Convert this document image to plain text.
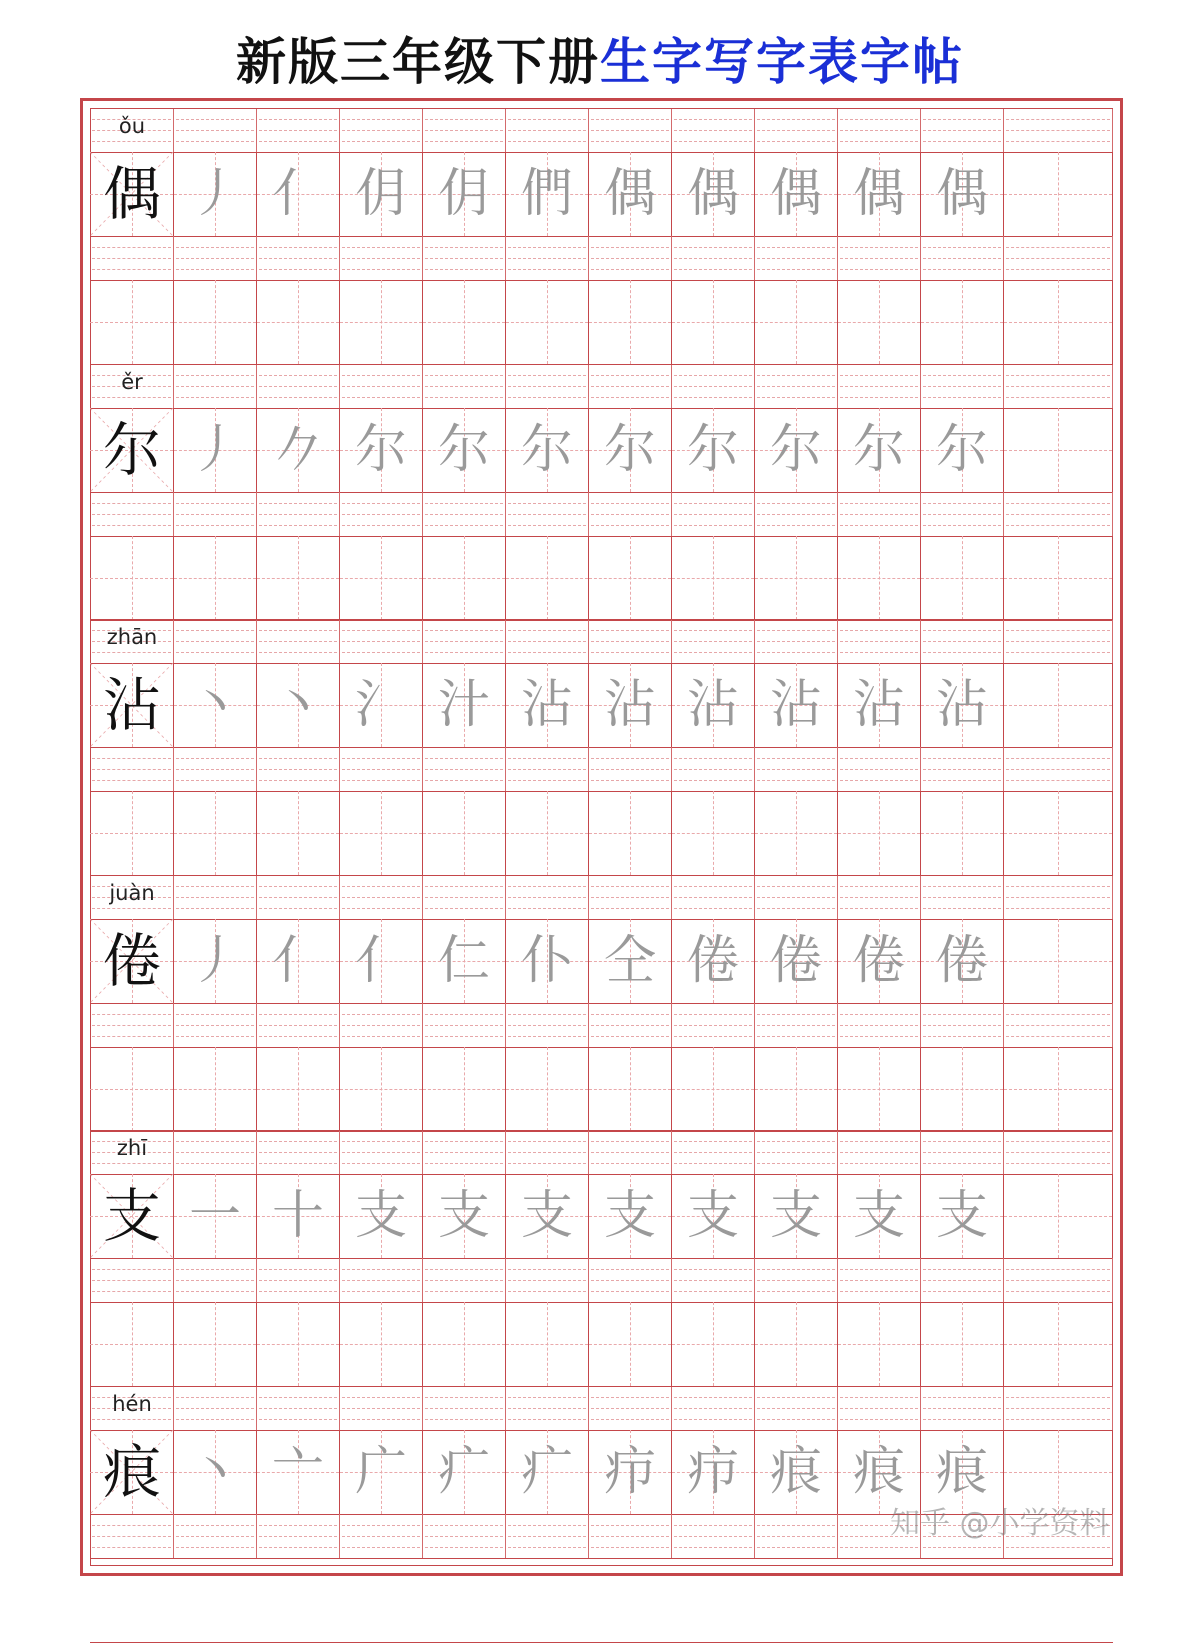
新版三年级下册生字写字表字帖
ǒu
偶 丿 亻 仴 仴 們 偶 偶 偶 偶 偶
ěr
尔 丿 𠂊 尔 尔 尔 尔 尔 尔 尔 尔
zhān
沾 丶 丶 氵 汁 沾 沾 沾 沾 沾 沾
juàn
倦 丿 亻 亻 仁 仆 仝 倦 倦 倦 倦
zhī
支 一 十 支 支 支 支 支 支 支 支
hén
痕 丶 亠 广 疒 疒 疖 疖 痕 痕 痕
知乎 @小学资料
